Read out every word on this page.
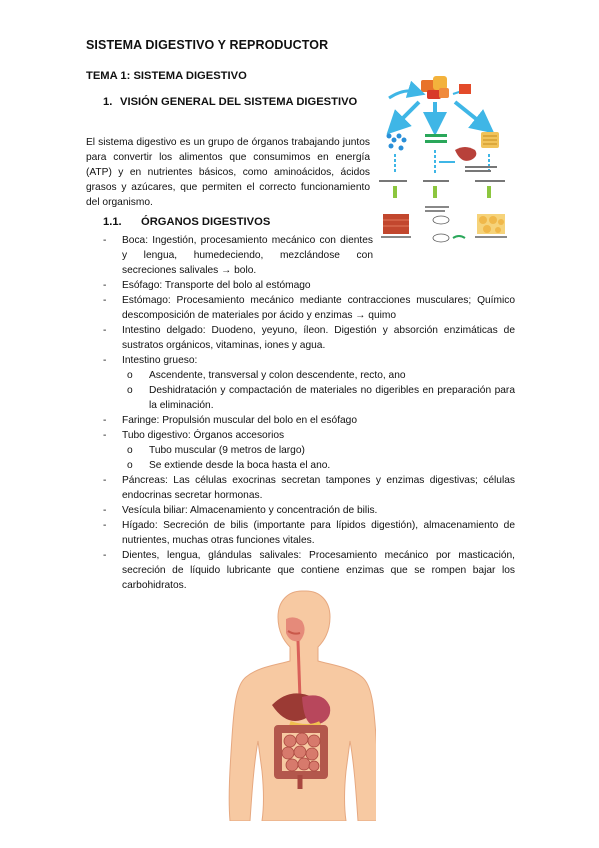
SISTEMA DIGESTIVO Y REPRODUCTOR
TEMA 1: SISTEMA DIGESTIVO
1. VISIÓN GENERAL DEL SISTEMA DIGESTIVO
El sistema digestivo es un grupo de órganos trabajando juntos para convertir los alimentos que consumimos en energía (ATP) y en nutrientes básicos, como aminoácidos, ácidos grasos y azúcares, que permiten el correcto funcionamiento del organismo.
1.1. ÓRGANOS DIGESTIVOS
- Boca: Ingestión, procesamiento mecánico con dientes y lengua, humedeciendo, mezclándose con secreciones salivales → bolo.
- Esófago: Transporte del bolo al estómago
- Estómago: Procesamiento mecánico mediante contracciones musculares; Químico descomposición de materiales por ácido y enzimas → quimo
- Intestino delgado: Duodeno, yeyuno, íleon. Digestión y absorción enzimáticas de sustratos orgánicos, vitaminas, iones y agua.
- Intestino grueso:
o Ascendente, transversal y colon descendente, recto, ano
o Deshidratación y compactación de materiales no digeribles en preparación para la eliminación.
- Faringe: Propulsión muscular del bolo en el esófago
- Tubo digestivo: Órganos accesorios
o Tubo muscular (9 metros de largo)
o Se extiende desde la boca hasta el ano.
- Páncreas: Las células exocrinas secretan tampones y enzimas digestivas; células endocrinas secretar hormonas.
- Vesícula biliar: Almacenamiento y concentración de bilis.
- Hígado: Secreción de bilis (importante para lípidos digestión), almacenamiento de nutrientes, muchas otras funciones vitales.
- Dientes, lengua, glándulas salivales: Procesamiento mecánico por masticación, secreción de líquido lubricante que contiene enzimas que se rompen bajar los carbohidratos.
